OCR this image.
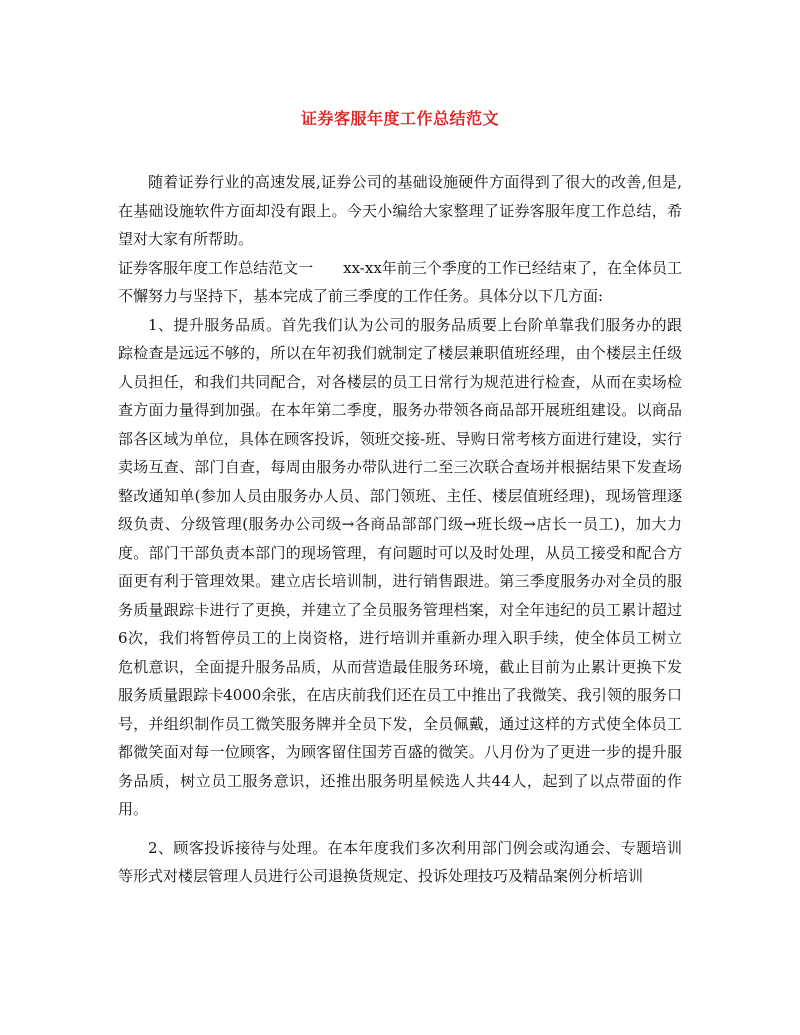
证券客服年度工作总结范文

随着证券行业的高速发展,证券公司的基础设施硬件方面得到了很大的改善,但是,在基础设施软件方面却没有跟上。今天小编给大家整理了证券客服年度工作总结，希望对大家有所帮助。

证券客服年度工作总结范文一　　xx-xx年前三个季度的工作已经结束了，在全体员工不懈努力与坚持下，基本完成了前三季度的工作任务。具体分以下几方面:

1、提升服务品质。首先我们认为公司的服务品质要上台阶单靠我们服务办的跟踪检查是远远不够的，所以在年初我们就制定了楼层兼职值班经理，由个楼层主任级人员担任，和我们共同配合，对各楼层的员工日常行为规范进行检查，从而在卖场检查方面力量得到加强。在本年第二季度，服务办带领各商品部开展班组建设。以商品部各区域为单位，具体在顾客投诉，领班交接-班、导购日常考核方面进行建设，实行卖场互查、部门自查，每周由服务办带队进行二至三次联合查场并根据结果下发查场整改通知单(参加人员由服务办人员、部门领班、主任、楼层值班经理)，现场管理逐级负责、分级管理(服务办公司级→各商品部部门级→班长级→店长一员工)，加大力度。部门干部负责本部门的现场管理，有问题时可以及时处理，从员工接受和配合方面更有利于管理效果。建立店长培训制，进行销售跟进。第三季度服务办对全员的服务质量跟踪卡进行了更换，并建立了全员服务管理档案，对全年违纪的员工累计超过6次，我们将暂停员工的上岗资格，进行培训并重新办理入职手续，使全体员工树立危机意识，全面提升服务品质，从而营造最佳服务环境，截止目前为止累计更换下发服务质量跟踪卡4000余张，在店庆前我们还在员工中推出了我微笑、我引领的服务口号，并组织制作员工微笑服务牌并全员下发，全员佩戴，通过这样的方式使全体员工都微笑面对每一位顾客，为顾客留住国芳百盛的微笑。八月份为了更进一步的提升服务品质，树立员工服务意识，还推出服务明星候选人共44人，起到了以点带面的作用。

2、顾客投诉接待与处理。在本年度我们多次利用部门例会或沟通会、专题培训等形式对楼层管理人员进行公司退换货规定、投诉处理技巧及精品案例分析培训
